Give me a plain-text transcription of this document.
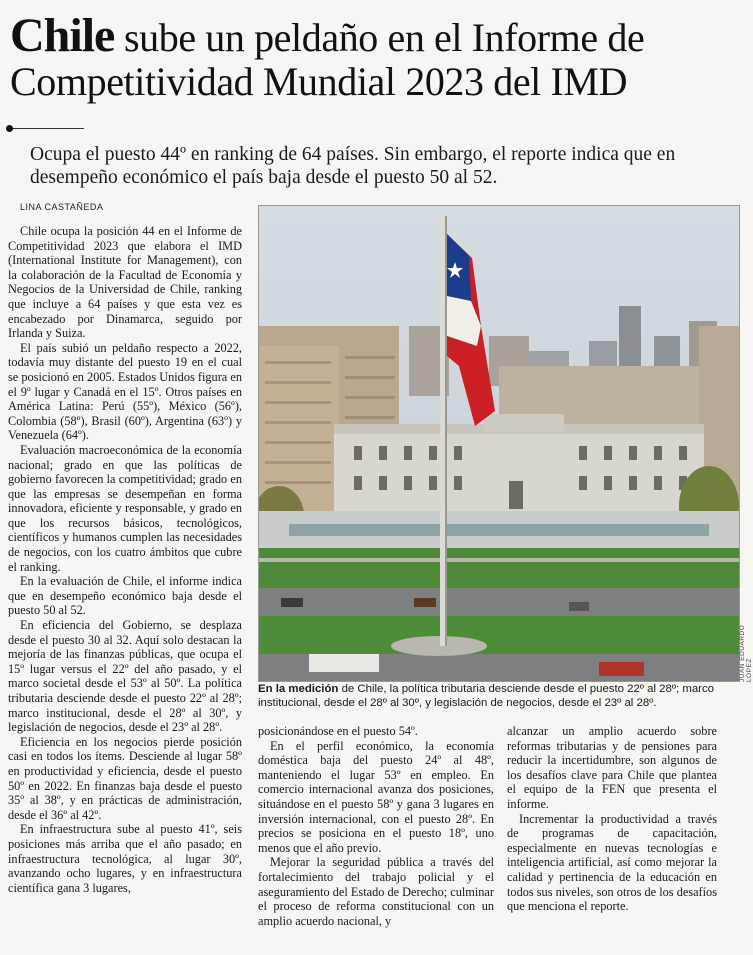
Chile sube un peldaño en el Informe de Competitividad Mundial 2023 del IMD

Ocupa el puesto 44º en ranking de 64 países. Sin embargo, el reporte indica que en desempeño económico el país baja desde el puesto 50 al 52.

LINA CASTAÑEDA

Chile ocupa la posición 44 en el Informe de Competitividad 2023 que elabora el IMD (International Institute for Management), con la colaboración de la Facultad de Economía y Negocios de la Universidad de Chile, ranking que incluye a 64 países y que esta vez es encabezado por Dinamarca, seguido por Irlanda y Suiza.

El país subió un peldaño respecto a 2022, todavía muy distante del puesto 19 en el cual se posicionó en 2005. Estados Unidos figura en el 9º lugar y Canadá en el 15º. Otros países en América Latina: Perú (55º), México (56º), Colombia (58º), Brasil (60º), Argentina (63º) y Venezuela (64º).

Evaluación macroeconómica de la economía nacional; grado en que las políticas de gobierno favorecen la competitividad; grado en que las empresas se desempeñan en forma innovadora, eficiente y responsable, y grado en que los recursos básicos, tecnológicos, científicos y humanos cumplen las necesidades de negocios, con los cuatro ámbitos que cubre el ranking.

En la evaluación de Chile, el informe indica que en desempeño económico baja desde el puesto 50 al 52.

En eficiencia del Gobierno, se desplaza desde el puesto 30 al 32. Aquí solo destacan la mejoría de las finanzas públicas, que ocupa el 15º lugar versus el 22º del año pasado, y el marco societal desde el 53º al 50º. La política tributaria desciende desde el puesto 22º al 28º; marco institucional, desde el 28º al 30º, y legislación de negocios, desde el 23º al 28º.

Eficiencia en los negocios pierde posición casi en todos los ítems. Desciende al lugar 58º en productividad y eficiencia, desde el puesto 50º en 2022. En finanzas baja desde el puesto 35º al 38º, y en prácticas de administración, desde el 36º al 42º.

En infraestructura sube al puesto 41º, seis posiciones más arriba que el año pasado; en infraestructura tecnológica, al lugar 30º, avanzando ocho lugares, y en infraestructura científica gana 3 lugares,

JUAN EDUARDO LÓPEZ
En la medición de Chile, la política tributaria desciende desde el puesto 22º al 28º; marco institucional, desde el 28º al 30º, y legislación de negocios, desde el 23º al 28º.

posicionándose en el puesto 54º.

En el perfil económico, la economía doméstica baja del puesto 24º al 48º, manteniendo el lugar 53º en empleo. En comercio internacional avanza dos posiciones, situándose en el puesto 58º y gana 3 lugares en inversión internacional, con el puesto 28º. En precios se posiciona en el puesto 18º, uno menos que el año previo.

Mejorar la seguridad pública a través del fortalecimiento del trabajo policial y el aseguramiento del Estado de Derecho; culminar el proceso de reforma constitucional con un amplio acuerdo nacional, y

alcanzar un amplio acuerdo sobre reformas tributarias y de pensiones para reducir la incertidumbre, son algunos de los desafíos clave para Chile que plantea el equipo de la FEN que presenta el informe.

Incrementar la productividad a través de programas de capacitación, especialmente en nuevas tecnologías e inteligencia artificial, así como mejorar la calidad y pertinencia de la educación en todos sus niveles, son otros de los desafíos que menciona el reporte.
